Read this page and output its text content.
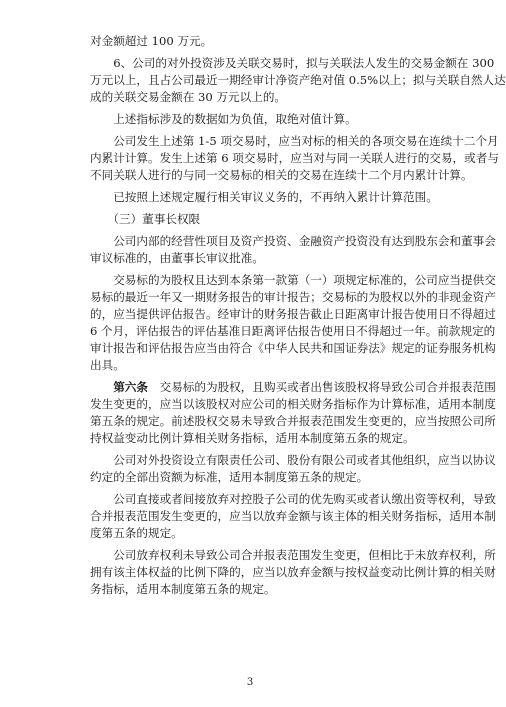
对金额超过 100 万元。

　　6、公司的对外投资涉及关联交易时，拟与关联法人发生的交易金额在 300

万元以上，且占公司最近一期经审计净资产绝对值 0.5%以上；拟与关联自然人达

成的关联交易金额在 30 万元以上的。

　　上述指标涉及的数据如为负值，取绝对值计算。

　　公司发生上述第 1-5 项交易时，应当对标的相关的各项交易在连续十二个月

内累计计算。发生上述第 6 项交易时，应当对与同一关联人进行的交易，或者与

不同关联人进行的与同一交易标的相关的交易在连续十二个月内累计计算。

　　已按照上述规定履行相关审议义务的，不再纳入累计计算范围。

　　（三）董事长权限

　　公司内部的经营性项目及资产投资、金融资产投资没有达到股东会和董事会

审议标准的，由董事长审议批准。

　　交易标的为股权且达到本条第一款第（一）项规定标准的，公司应当提供交

易标的最近一年又一期财务报告的审计报告；交易标的为股权以外的非现金资产

的，应当提供评估报告。经审计的财务报告截止日距离审计报告使用日不得超过

6 个月，评估报告的评估基准日距离评估报告使用日不得超过一年。前款规定的

审计报告和评估报告应当由符合《中华人民共和国证券法》规定的证券服务机构

出具。

　　第六条　交易标的为股权，且购买或者出售该股权将导致公司合并报表范围

发生变更的，应当以该股权对应公司的相关财务指标作为计算标准，适用本制度

第五条的规定。前述股权交易未导致合并报表范围发生变更的，应当按照公司所

持权益变动比例计算相关财务指标，适用本制度第五条的规定。

　　公司对外投资设立有限责任公司、股份有限公司或者其他组织，应当以协议

约定的全部出资额为标准，适用本制度第五条的规定。

　　公司直接或者间接放弃对控股子公司的优先购买或者认缴出资等权利，导致

合并报表范围发生变更的，应当以放弃金额与该主体的相关财务指标，适用本制

度第五条的规定。

　　公司放弃权利未导致公司合并报表范围发生变更，但相比于未放弃权利，所

拥有该主体权益的比例下降的，应当以放弃金额与按权益变动比例计算的相关财

务指标，适用本制度第五条的规定。

3
